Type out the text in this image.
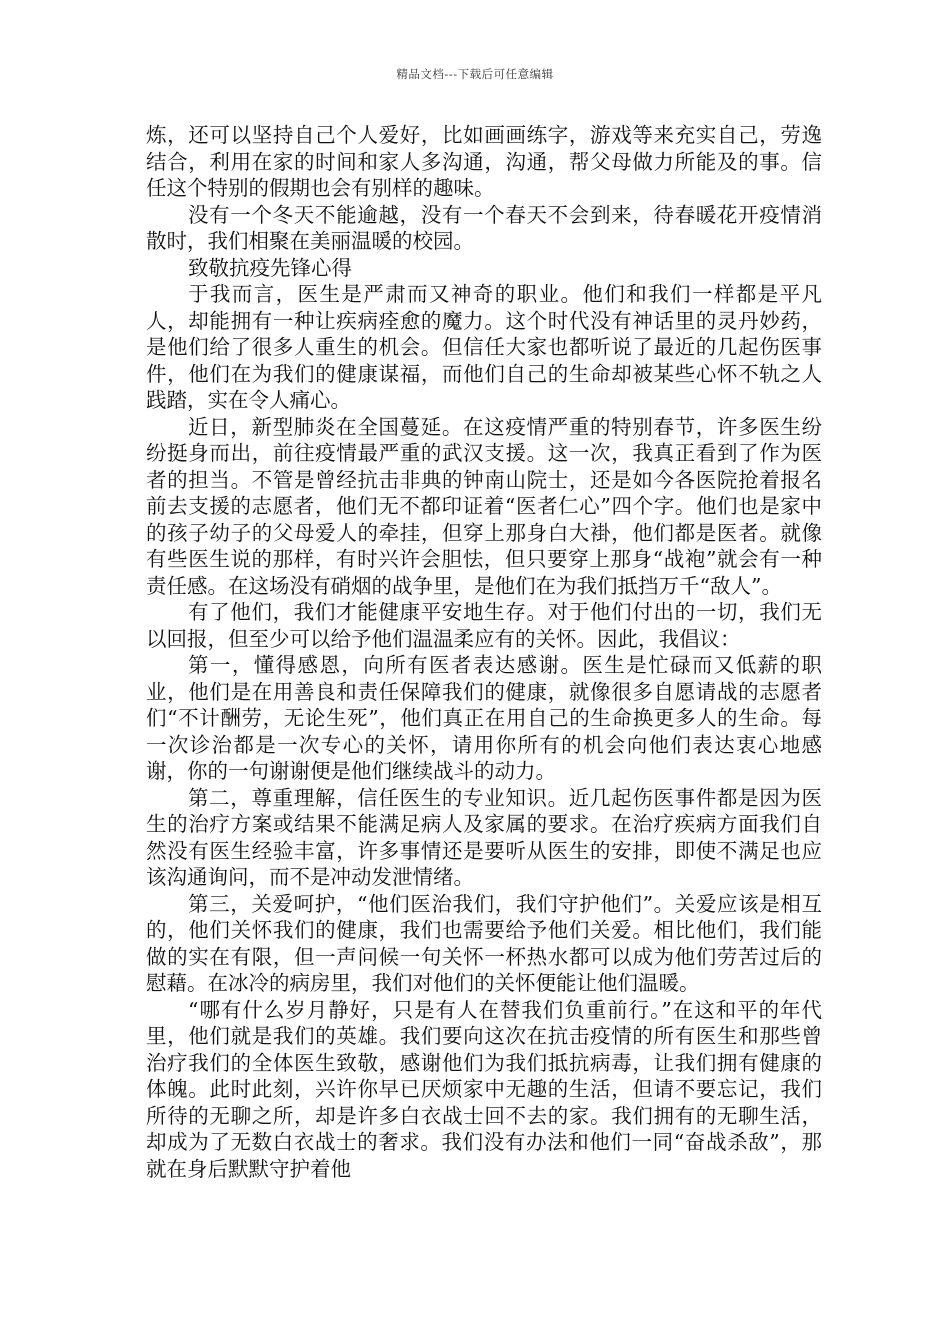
精品文档---下载后可任意编辑

炼，还可以坚持自己个人爱好，比如画画练字，游戏等来充实自己，劳逸结合，利用在家的时间和家人多沟通，沟通，帮父母做力所能及的事。信任这个特别的假期也会有别样的趣味。

没有一个冬天不能逾越，没有一个春天不会到来，待春暖花开疫情消散时，我们相聚在美丽温暖的校园。

致敬抗疫先锋心得

于我而言，医生是严肃而又神奇的职业。他们和我们一样都是平凡人，却能拥有一种让疾病痊愈的魔力。这个时代没有神话里的灵丹妙药，是他们给了很多人重生的机会。但信任大家也都听说了最近的几起伤医事件，他们在为我们的健康谋福，而他们自己的生命却被某些心怀不轨之人践踏，实在令人痛心。

近日，新型肺炎在全国蔓延。在这疫情严重的特别春节，许多医生纷纷挺身而出，前往疫情最严重的武汉支援。这一次，我真正看到了作为医者的担当。不管是曾经抗击非典的钟南山院士，还是如今各医院抢着报名前去支援的志愿者，他们无不都印证着“医者仁心”四个字。他们也是家中的孩子幼子的父母爱人的牵挂，但穿上那身白大褂，他们都是医者。就像有些医生说的那样，有时兴许会胆怯，但只要穿上那身“战袍”就会有一种责任感。在这场没有硝烟的战争里，是他们在为我们抵挡万千“敌人”。

有了他们，我们才能健康平安地生存。对于他们付出的一切，我们无以回报，但至少可以给予他们温温柔应有的关怀。因此，我倡议：

第一，懂得感恩，向所有医者表达感谢。医生是忙碌而又低薪的职业，他们是在用善良和责任保障我们的健康，就像很多自愿请战的志愿者们“不计酬劳，无论生死”，他们真正在用自己的生命换更多人的生命。每一次诊治都是一次专心的关怀，请用你所有的机会向他们表达衷心地感谢，你的一句谢谢便是他们继续战斗的动力。

第二，尊重理解，信任医生的专业知识。近几起伤医事件都是因为医生的治疗方案或结果不能满足病人及家属的要求。在治疗疾病方面我们自然没有医生经验丰富，许多事情还是要听从医生的安排，即使不满足也应该沟通询问，而不是冲动发泄情绪。

第三，关爱呵护，“他们医治我们，我们守护他们”。关爱应该是相互的，他们关怀我们的健康，我们也需要给予他们关爱。相比他们，我们能做的实在有限，但一声问候一句关怀一杯热水都可以成为他们劳苦过后的慰藉。在冰冷的病房里，我们对他们的关怀便能让他们温暖。

“哪有什么岁月静好，只是有人在替我们负重前行。”在这和平的年代里，他们就是我们的英雄。我们要向这次在抗击疫情的所有医生和那些曾治疗我们的全体医生致敬，感谢他们为我们抵抗病毒，让我们拥有健康的体魄。此时此刻，兴许你早已厌烦家中无趣的生活，但请不要忘记，我们所待的无聊之所，却是许多白衣战士回不去的家。我们拥有的无聊生活，却成为了无数白衣战士的奢求。我们没有办法和他们一同“奋战杀敌”，那就在身后默默守护着他
